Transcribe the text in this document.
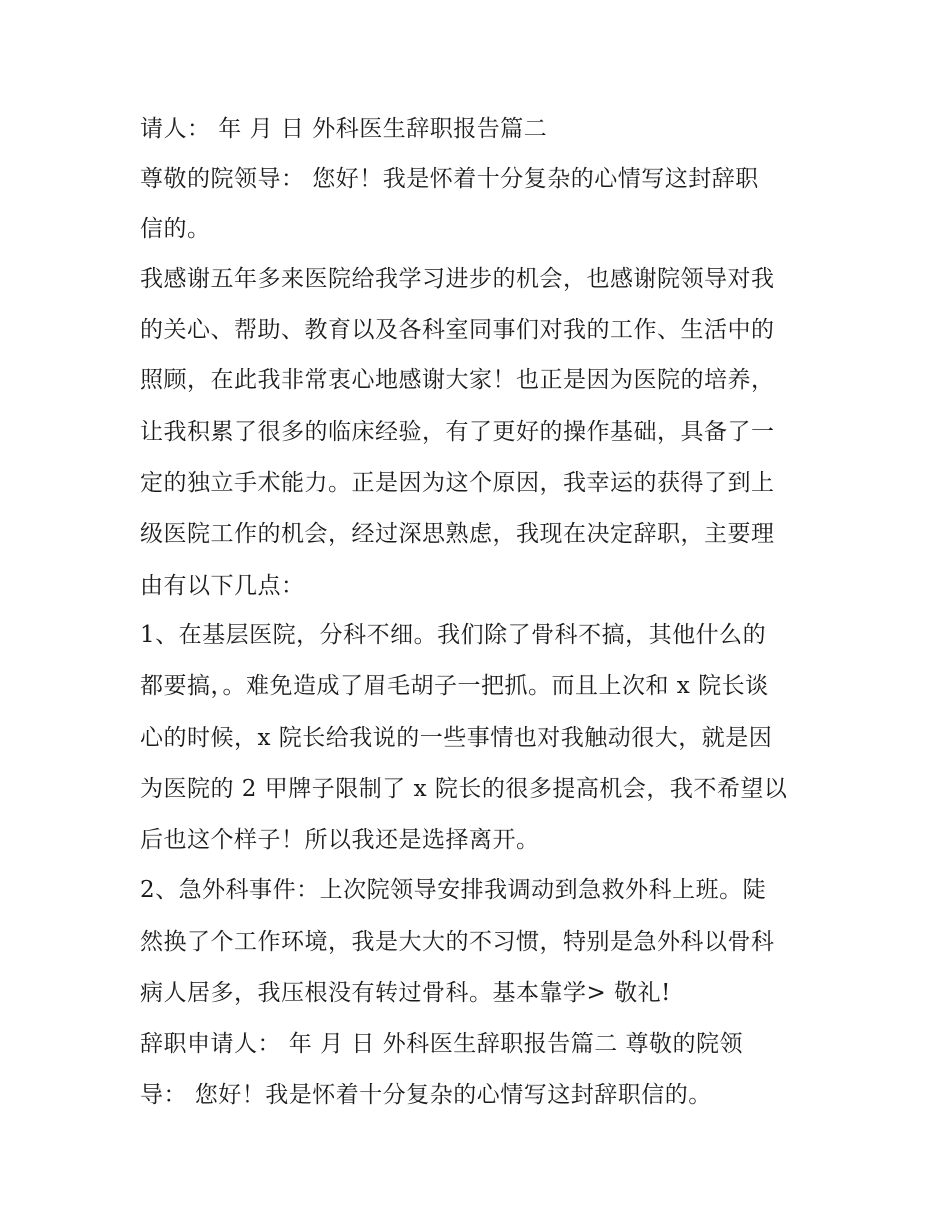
请人： 年 月 日 外科医生辞职报告篇二
尊敬的院领导： 您好！我是怀着十分复杂的心情写这封辞职
信的。
我感谢五年多来医院给我学习进步的机会，也感谢院领导对我
的关心、帮助、教育以及各科室同事们对我的工作、生活中的
照顾，在此我非常衷心地感谢大家！也正是因为医院的培养，
让我积累了很多的临床经验，有了更好的操作基础，具备了一
定的独立手术能力。正是因为这个原因，我幸运的获得了到上
级医院工作的机会，经过深思熟虑，我现在决定辞职，主要理
由有以下几点：
1、在基层医院，分科不细。我们除了骨科不搞，其他什么的
都要搞，。难免造成了眉毛胡子一把抓。而且上次和 x 院长谈
心的时候，x 院长给我说的一些事情也对我触动很大，就是因
为医院的 2 甲牌子限制了 x 院长的很多提高机会，我不希望以
后也这个样子！所以我还是选择离开。
2、急外科事件：上次院领导安排我调动到急救外科上班。陡
然换了个工作环境，我是大大的不习惯，特别是急外科以骨科
病人居多，我压根没有转过骨科。基本靠学> 敬礼!
辞职申请人： 年 月 日 外科医生辞职报告篇二 尊敬的院领
导： 您好！我是怀着十分复杂的心情写这封辞职信的。
